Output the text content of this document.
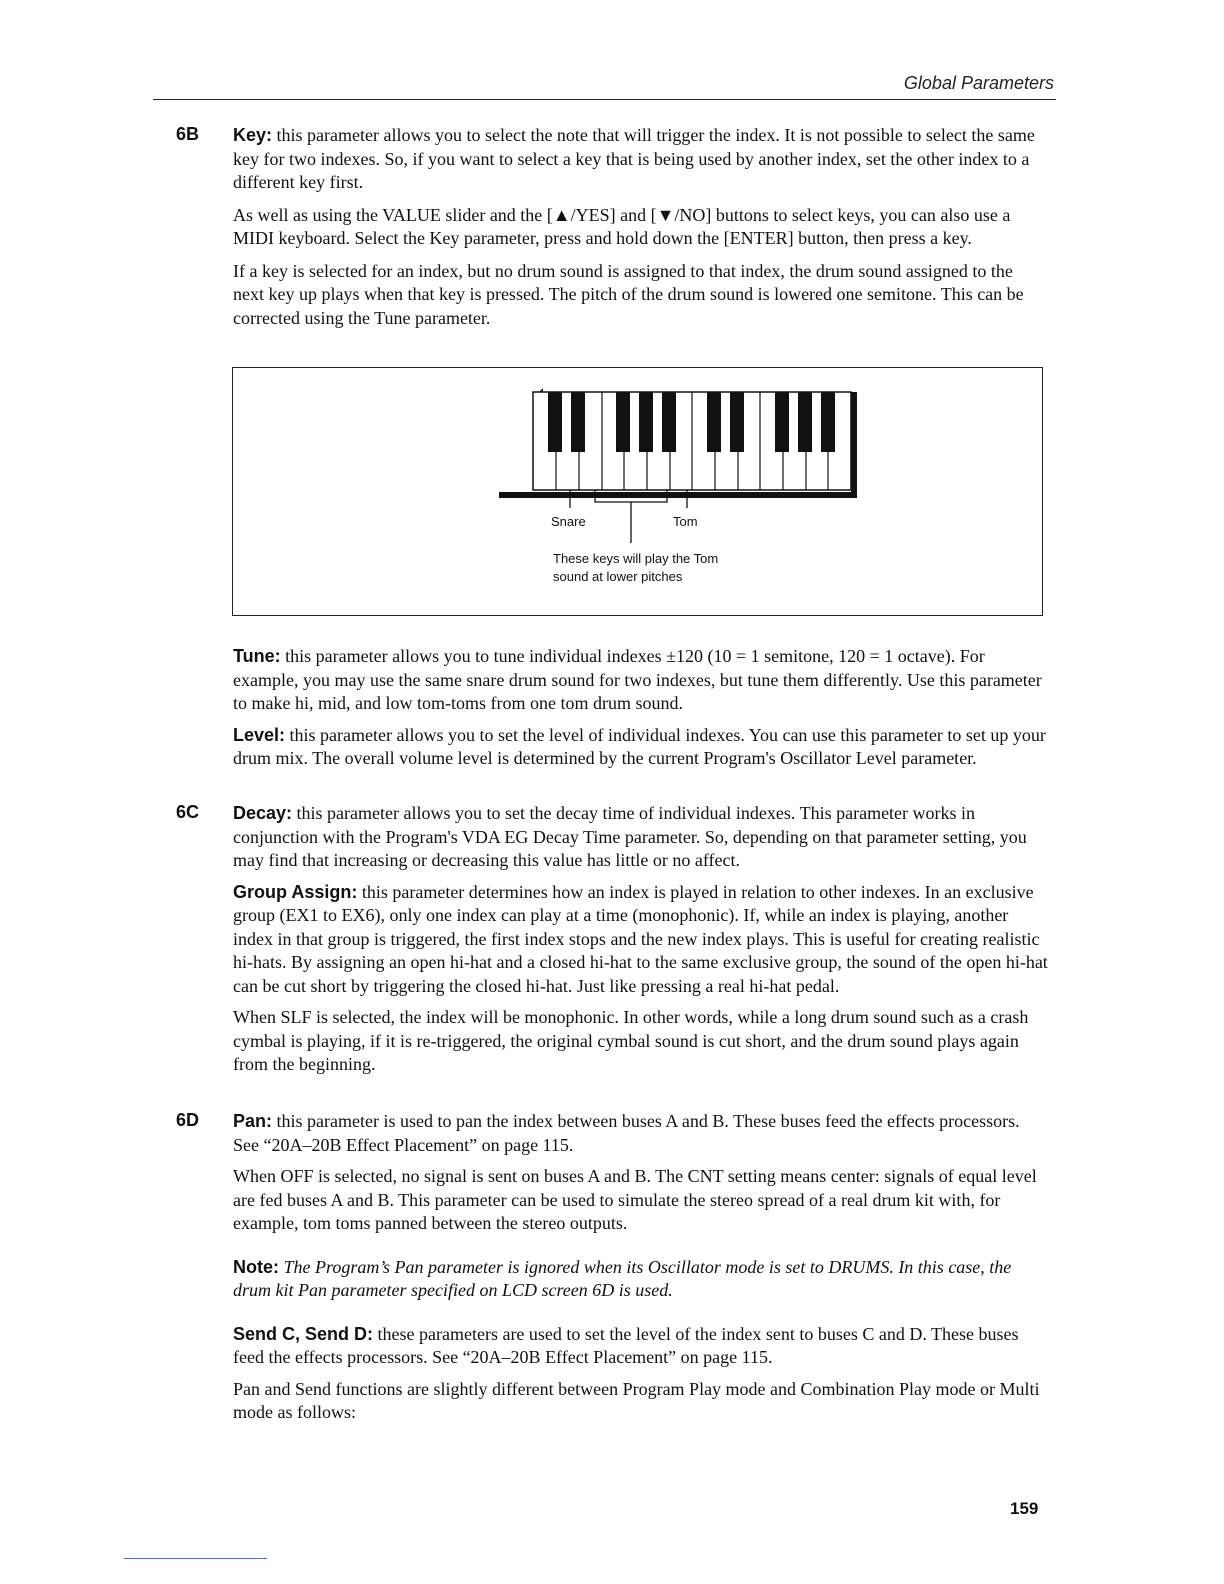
Global Parameters
6B Key: this parameter allows you to select the note that will trigger the index. It is not possible to select the same key for two indexes. So, if you want to select a key that is being used by another index, set the other index to a different key first.

As well as using the VALUE slider and the [▲/YES] and [▼/NO] buttons to select keys, you can also use a MIDI keyboard. Select the Key parameter, press and hold down the [ENTER] button, then press a key.

If a key is selected for an index, but no drum sound is assigned to that index, the drum sound assigned to the next key up plays when that key is pressed. The pitch of the drum sound is lowered one semitone. This can be corrected using the Tune parameter.

Snare	Tom
These keys will play the Tom
sound at lower pitches

Tune: this parameter allows you to tune individual indexes ±120 (10 = 1 semitone, 120 = 1 octave). For example, you may use the same snare drum sound for two indexes, but tune them differently. Use this parameter to make hi, mid, and low tom-toms from one tom drum sound.

Level: this parameter allows you to set the level of individual indexes. You can use this parameter to set up your drum mix. The overall volume level is determined by the current Program's Oscillator Level parameter.

6C Decay: this parameter allows you to set the decay time of individual indexes. This parameter works in conjunction with the Program's VDA EG Decay Time parameter. So, depending on that parameter setting, you may find that increasing or decreasing this value has little or no affect.

Group Assign: this parameter determines how an index is played in relation to other indexes. In an exclusive group (EX1 to EX6), only one index can play at a time (monophonic). If, while an index is playing, another index in that group is triggered, the first index stops and the new index plays. This is useful for creating realistic hi-hats. By assigning an open hi-hat and a closed hi-hat to the same exclusive group, the sound of the open hi-hat can be cut short by triggering the closed hi-hat. Just like pressing a real hi-hat pedal.

When SLF is selected, the index will be monophonic. In other words, while a long drum sound such as a crash cymbal is playing, if it is re-triggered, the original cymbal sound is cut short, and the drum sound plays again from the beginning.

6D Pan: this parameter is used to pan the index between buses A and B. These buses feed the effects processors. See “20A–20B Effect Placement” on page 115.

When OFF is selected, no signal is sent on buses A and B. The CNT setting means center: signals of equal level are fed buses A and B. This parameter can be used to simulate the stereo spread of a real drum kit with, for example, tom toms panned between the stereo outputs.

Note: The Program’s Pan parameter is ignored when its Oscillator mode is set to DRUMS. In this case, the drum kit Pan parameter specified on LCD screen 6D is used.

Send C, Send D: these parameters are used to set the level of the index sent to buses C and D. These buses feed the effects processors. See “20A–20B Effect Placement” on page 115.

Pan and Send functions are slightly different between Program Play mode and Combination Play mode or Multi mode as follows:

159
